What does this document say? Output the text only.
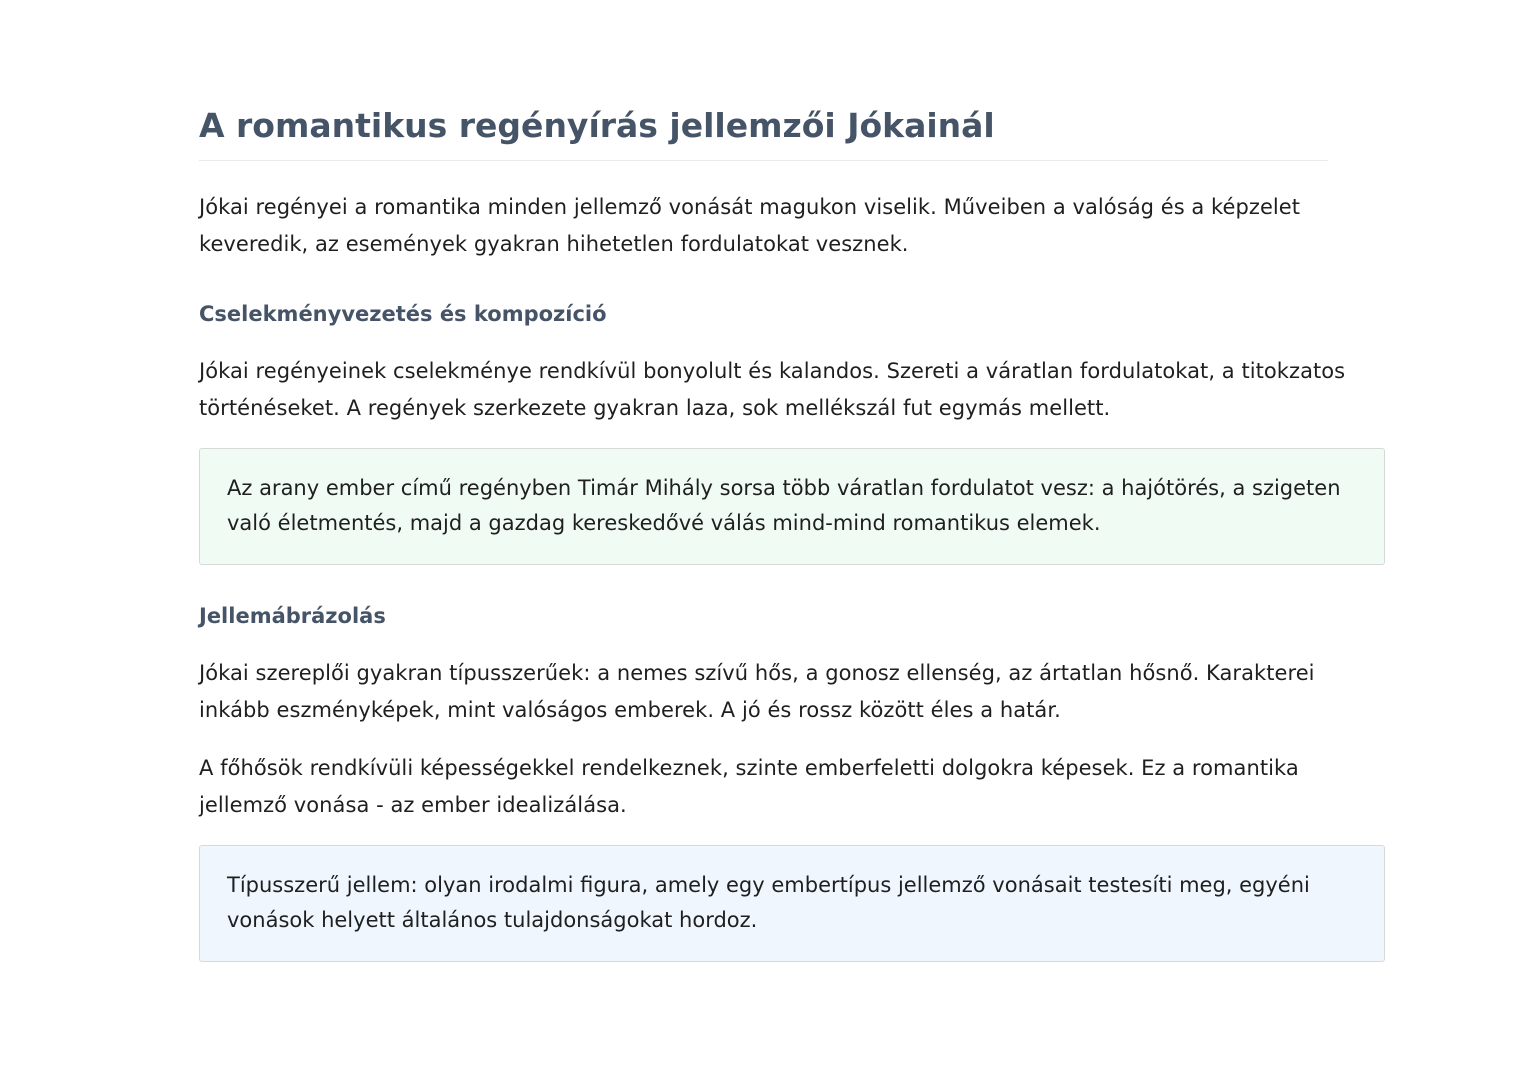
A romantikus regényírás jellemzői Jókainál

Jókai regényei a romantika minden jellemző vonását magukon viselik. Műveiben a valóság és a képzelet keveredik, az események gyakran hihetetlen fordulatokat vesznek.

Cselekményvezetés és kompozíció

Jókai regényeinek cselekménye rendkívül bonyolult és kalandos. Szereti a váratlan fordulatokat, a titokzatos történéseket. A regények szerkezete gyakran laza, sok mellékszál fut egymás mellett.

Az arany ember című regényben Timár Mihály sorsa több váratlan fordulatot vesz: a hajótörés, a szigeten való életmentés, majd a gazdag kereskedővé válás mind-mind romantikus elemek.
Jellemábrázolás

Jókai szereplői gyakran típusszerűek: a nemes szívű hős, a gonosz ellenség, az ártatlan hősnő. Karakterei inkább eszményképek, mint valóságos emberek. A jó és rossz között éles a határ.

A főhősök rendkívüli képességekkel rendelkeznek, szinte emberfeletti dolgokra képesek. Ez a romantika jellemző vonása - az ember idealizálása.

Típusszerű jellem: olyan irodalmi figura, amely egy embertípus jellemző vonásait testesíti meg, egyéni vonások helyett általános tulajdonságokat hordoz.
